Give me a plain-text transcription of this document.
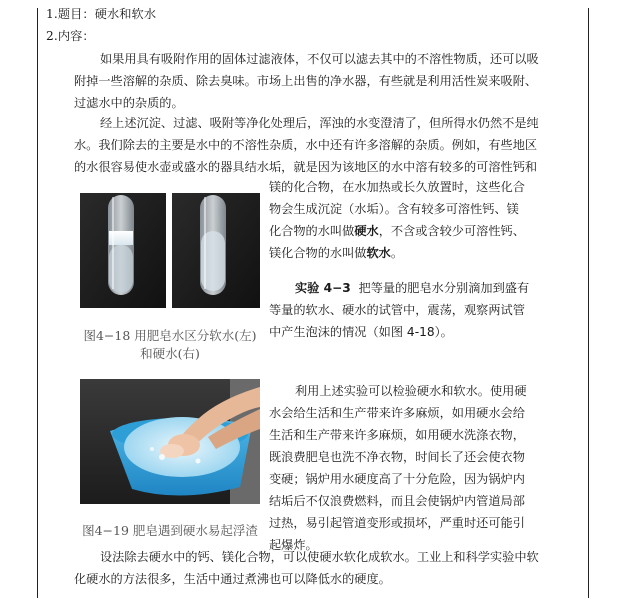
1.题目：硬水和软水
2.内容：
如果用具有吸附作用的固体过滤液体，不仅可以滤去其中的不溶性物质，还可以吸
附掉一些溶解的杂质、除去臭味。市场上出售的净水器，有些就是利用活性炭来吸附、
过滤水中的杂质的。
经上述沉淀、过滤、吸附等净化处理后，浑浊的水变澄清了，但所得水仍然不是纯
水。我们除去的主要是水中的不溶性杂质，水中还有许多溶解的杂质。例如，有些地区
的水很容易使水壶或盛水的器具结水垢，就是因为该地区的水中溶有较多的可溶性钙和
图4−18 用肥皂水区分软水(左)
和硬水(右)
镁的化合物，在水加热或长久放置时，这些化合
物会生成沉淀（水垢）。含有较多可溶性钙、镁
化合物的水叫做硬水，不含或含较少可溶性钙、
镁化合物的水叫做软水。
实验 4−3 把等量的肥皂水分别滴加到盛有
等量的软水、硬水的试管中，震荡，观察两试管
中产生泡沫的情况（如图 4-18）。
图4−19 肥皂遇到硬水易起浮渣
利用上述实验可以检验硬水和软水。使用硬
水会给生活和生产带来许多麻烦，如用硬水会给
生活和生产带来许多麻烦，如用硬水洗涤衣物，
既浪费肥皂也洗不净衣物，时间长了还会使衣物
变硬；锅炉用水硬度高了十分危险，因为锅炉内
结垢后不仅浪费燃料，而且会使锅炉内管道局部
过热，易引起管道变形或损坏，严重时还可能引
起爆炸。
设法除去硬水中的钙、镁化合物，可以使硬水软化成软水。工业上和科学实验中软
化硬水的方法很多，生活中通过煮沸也可以降低水的硬度。
